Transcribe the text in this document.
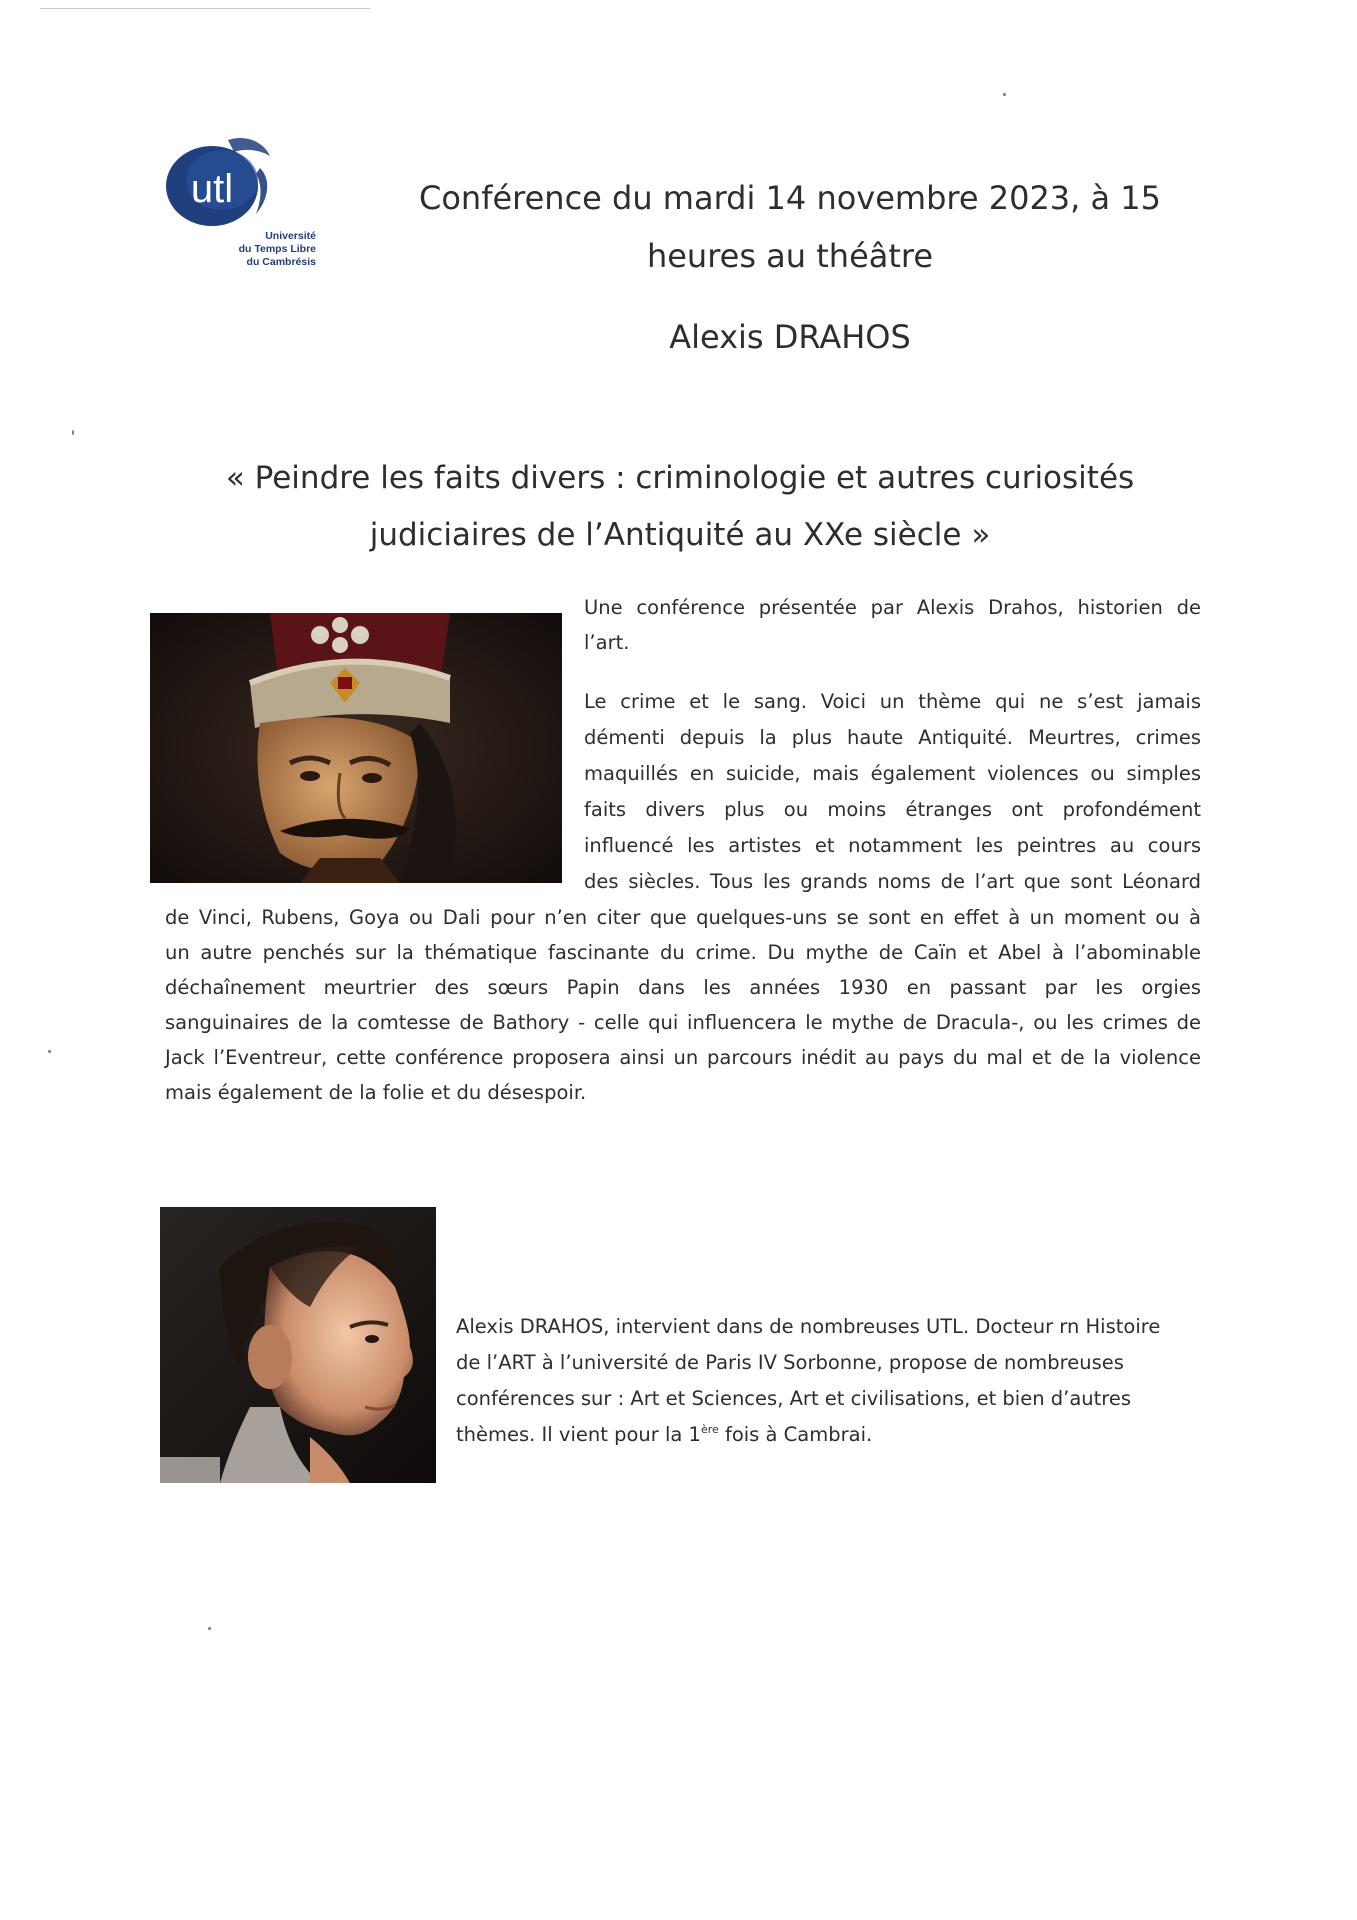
utl
Université
du Temps Libre
du Cambrésis
Conférence du mardi 14 novembre 2023, à 15
heures au théâtre
Alexis DRAHOS
« Peindre les faits divers : criminologie et autres curiosités
judiciaires de l’Antiquité au XXe siècle »
Une conférence présentée par Alexis Drahos, historien de
l’art.
Le crime et le sang. Voici un thème qui ne s’est jamais
démenti depuis la plus haute Antiquité. Meurtres, crimes
maquillés en suicide, mais également violences ou simples
faits divers plus ou moins étranges ont profondément
influencé les artistes et notamment les peintres au cours
des siècles. Tous les grands noms de l’art que sont Léonard
de Vinci, Rubens, Goya ou Dali pour n’en citer que quelques-uns se sont en effet à un moment ou à
un autre penchés sur la thématique fascinante du crime. Du mythe de Caïn et Abel à l’abominable
déchaînement meurtrier des sœurs Papin dans les années 1930 en passant par les orgies
sanguinaires de la comtesse de Bathory - celle qui influencera le mythe de Dracula-, ou les crimes de
Jack l’Eventreur, cette conférence proposera ainsi un parcours inédit au pays du mal et de la violence
mais également de la folie et du désespoir.
Alexis DRAHOS, intervient dans de nombreuses UTL. Docteur rn Histoire
de l’ART à l’université de Paris IV Sorbonne, propose de nombreuses
conférences sur : Art et Sciences, Art et civilisations, et bien d’autres
thèmes. Il vient pour la 1ère fois à Cambrai.
